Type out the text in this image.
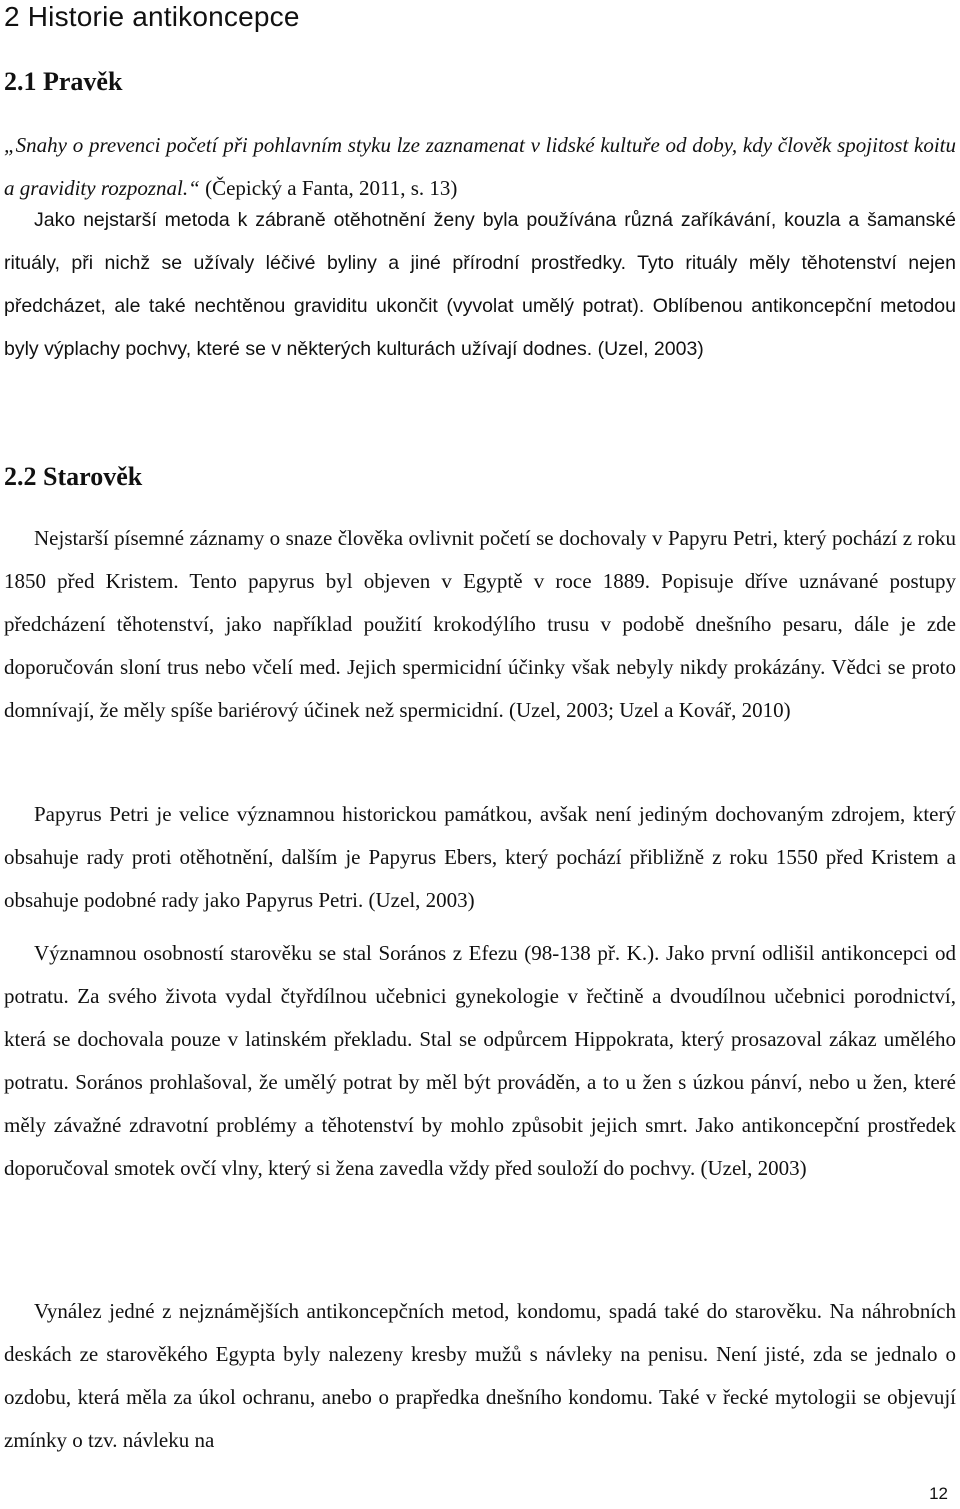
2 Historie antikoncepce
2.1 Pravěk

„Snahy o prevenci početí při pohlavním styku lze zaznamenat v lidské kultuře od doby, kdy člověk spojitost koitu a gravidity rozpoznal.“ (Čepický a Fanta, 2011, s. 13)

Jako nejstarší metoda k zábraně otěhotnění ženy byla používána různá zaříkávání, kouzla a šamanské rituály, při nichž se užívaly léčivé byliny a jiné přírodní prostředky. Tyto rituály měly těhotenství nejen předcházet, ale také nechtěnou graviditu ukončit (vyvolat umělý potrat). Oblíbenou antikoncepční metodou byly výplachy pochvy, které se v některých kulturách užívají dodnes. (Uzel, 2003)

2.2 Starověk

Nejstarší písemné záznamy o snaze člověka ovlivnit početí se dochovaly v Papyru Petri, který pochází z roku 1850 před Kristem. Tento papyrus byl objeven v Egyptě v roce 1889. Popisuje dříve uznávané postupy předcházení těhotenství, jako například použití krokodýlího trusu v podobě dnešního pesaru, dále je zde doporučován sloní trus nebo včelí med. Jejich spermicidní účinky však nebyly nikdy prokázány. Vědci se proto domnívají, že měly spíše bariérový účinek než spermicidní. (Uzel, 2003; Uzel a Kovář, 2010)

Papyrus Petri je velice významnou historickou památkou, avšak není jediným dochovaným zdrojem, který obsahuje rady proti otěhotnění, dalším je Papyrus Ebers, který pochází přibližně z roku 1550 před Kristem a obsahuje podobné rady jako Papyrus Petri. (Uzel, 2003)

Významnou osobností starověku se stal Sorános z Efezu (98-138 př. K.). Jako první odlišil antikoncepci od potratu. Za svého života vydal čtyřdílnou učebnici gynekologie v řečtině a dvoudílnou učebnici porodnictví, která se dochovala pouze v latinském překladu. Stal se odpůrcem Hippokrata, který prosazoval zákaz umělého potratu. Sorános prohlašoval, že umělý potrat by měl být prováděn, a to u žen s úzkou pánví, nebo u žen, které měly závažné zdravotní problémy a těhotenství by mohlo způsobit jejich smrt. Jako antikoncepční prostředek doporučoval smotek ovčí vlny, který si žena zavedla vždy před souloží do pochvy. (Uzel, 2003)

Vynález jedné z nejznámějších antikoncepčních metod, kondomu, spadá také do starověku. Na náhrobních deskách ze starověkého Egypta byly nalezeny kresby mužů s návleky na penisu. Není jisté, zda se jednalo o ozdobu, která měla za úkol ochranu, anebo o prapředka dnešního kondomu. Také v řecké mytologii se objevují zmínky o tzv. návleku na

12
